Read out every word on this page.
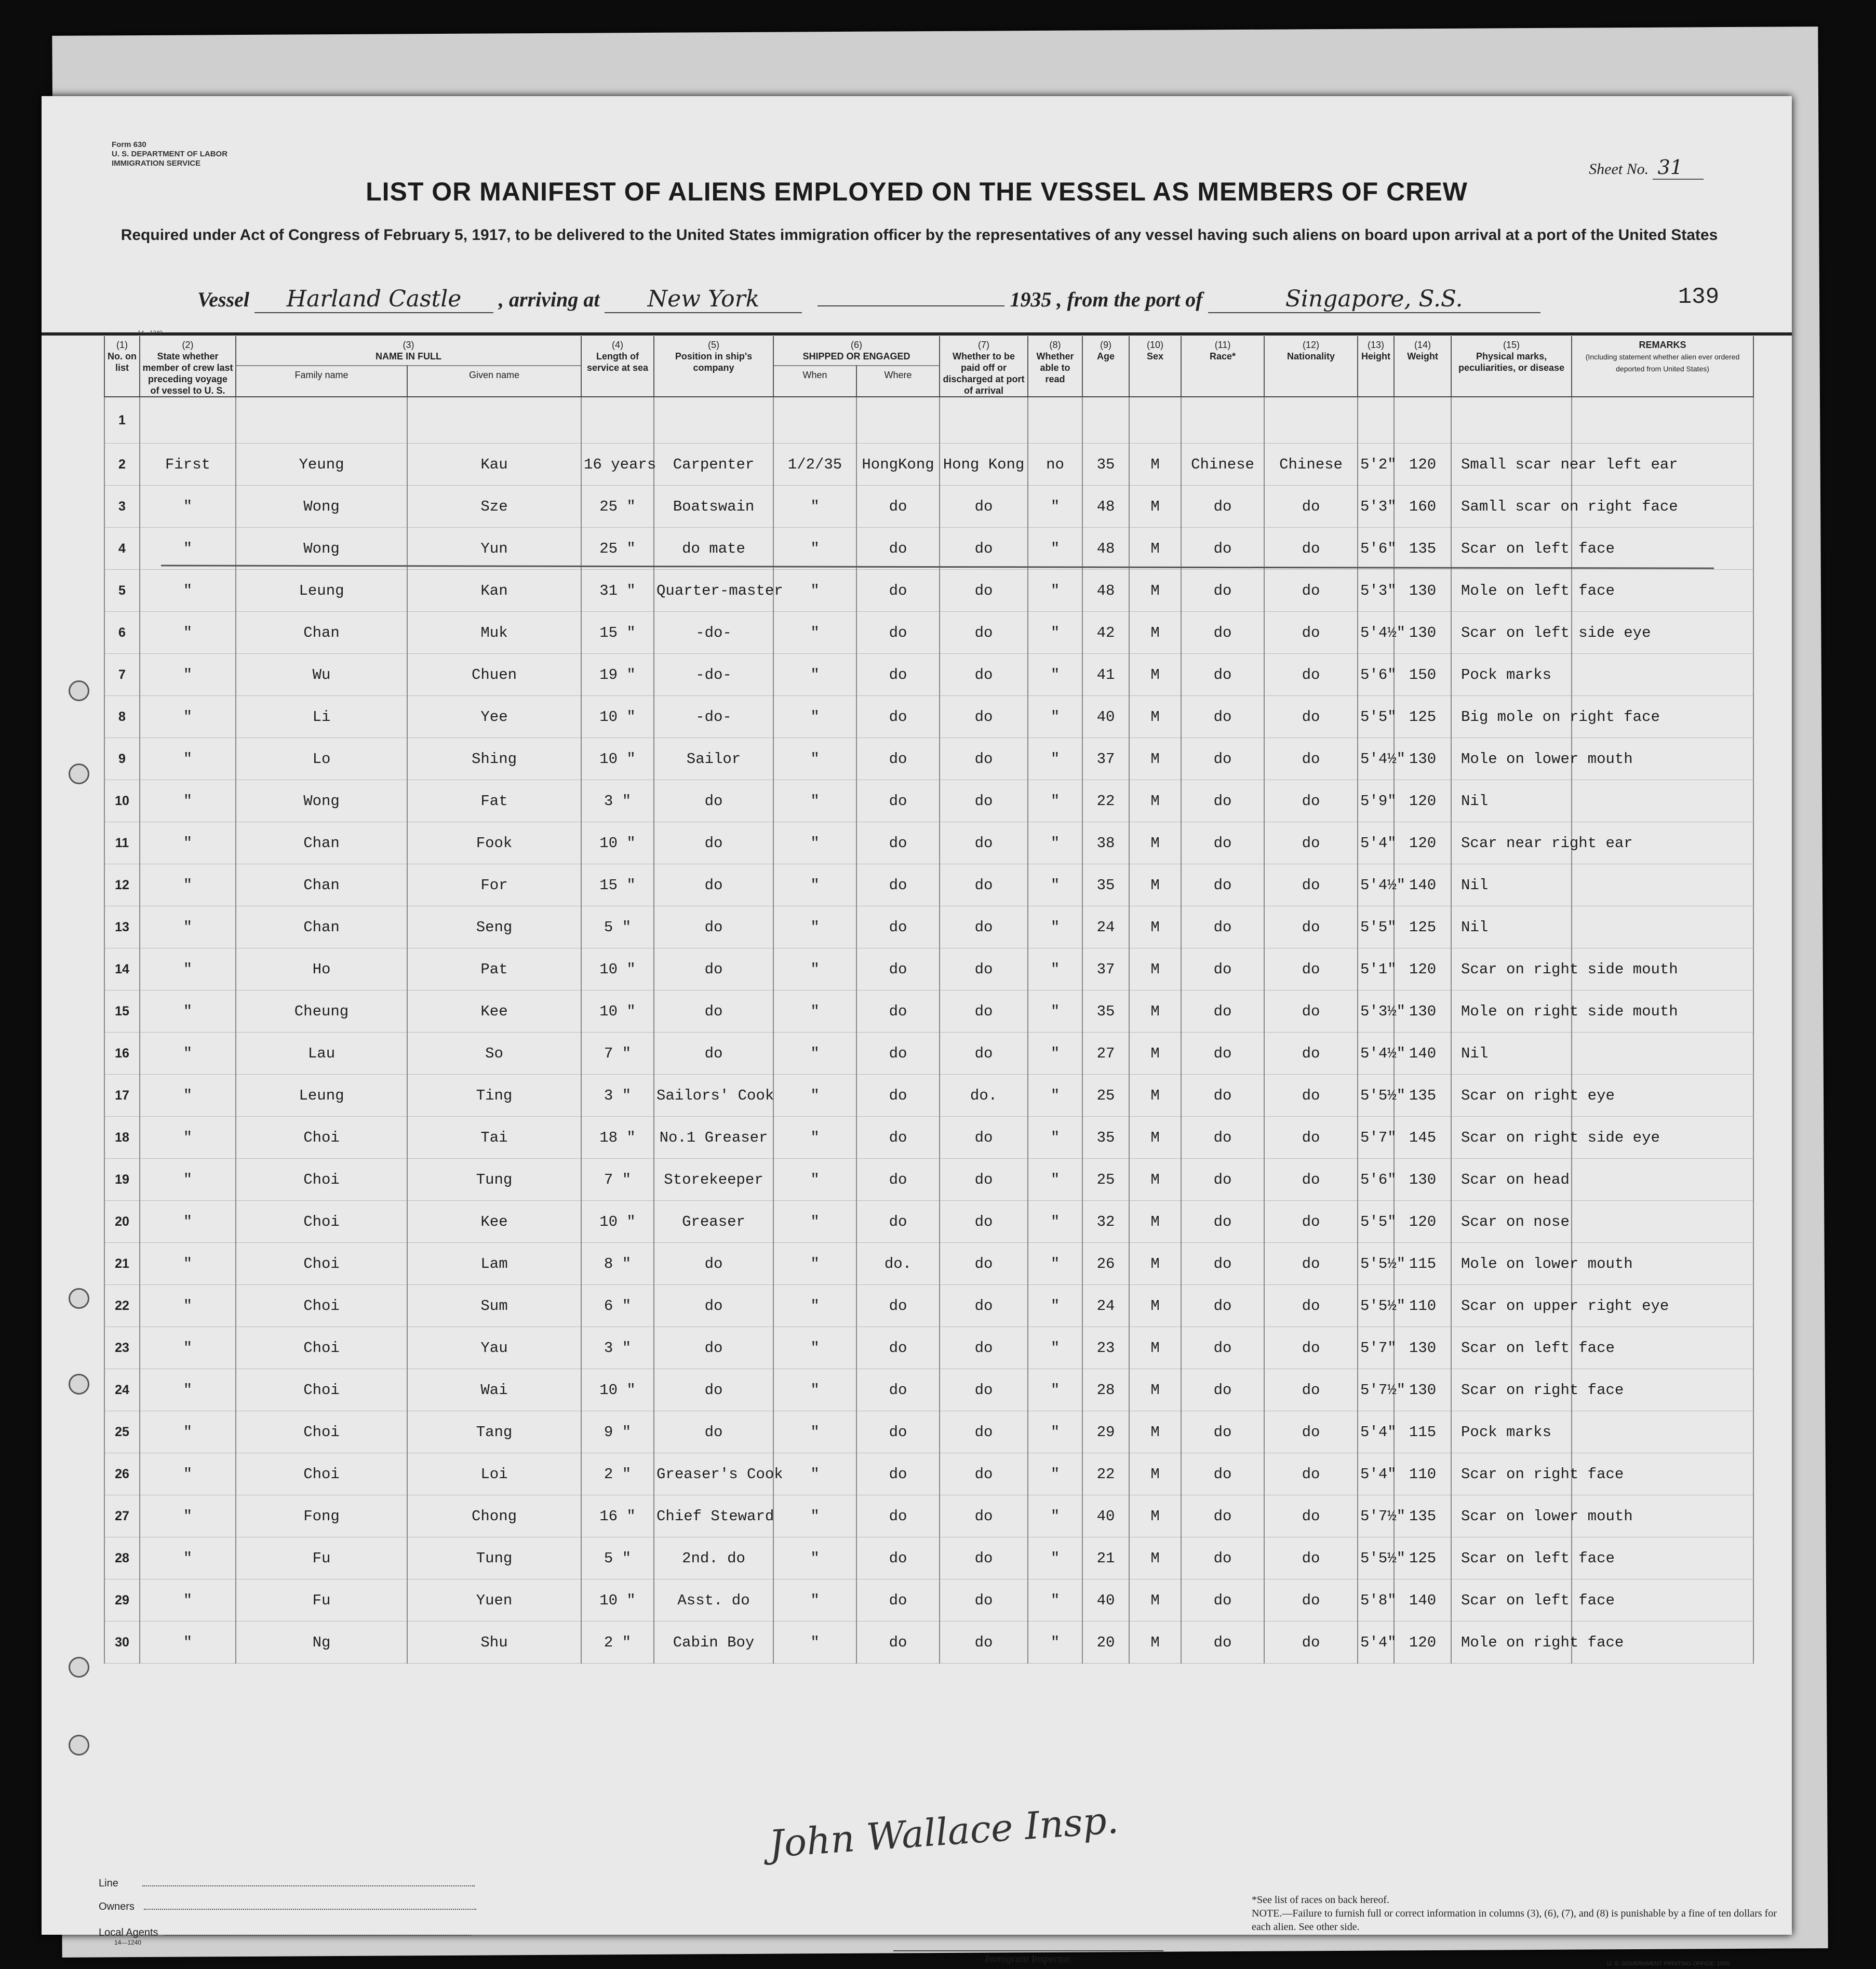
Form 630
U. S. DEPARTMENT OF LABOR
IMMIGRATION SERVICE	Sheet No. 31
LIST OR MANIFEST OF ALIENS EMPLOYED ON THE VESSEL AS MEMBERS OF CREW
Required under Act of Congress of February 5, 1917, to be delivered to the United States immigration officer by the representatives of any vessel having such aliens on board upon arrival at a port of the United States
Vessel Harland Castle , arriving at New York	1935 , from the port of	Singapore, S.S.	139
14—1240
(1)
No. on list	(2)
State whether member of crew last preceding voyage of vessel to U. S.	(3)
NAME IN FULL		(4)
Length of service at sea	(5)
Position in ship's company	(6)
SHIPPED OR ENGAGED		(7)
Whether to be paid off or discharged at port of arrival	(8)
Whether able to read	(9)
Age	(10)
Sex	(11)
Race*	(12)
Nationality	(13)
Height	(14)
Weight	(15)
Physical marks, peculiarities, or disease	REMARKS
(Including statement whether alien ever ordered deported from United States)
		Family name	Given name			When	Where										
1																	
2	First	Yeung	Kau	16 years	Carpenter	1/2/35	HongKong	Hong Kong	no	35	M	Chinese	Chinese	5'2"	120	Small scar near left ear	
3	"	Wong	Sze	25 "	Boatswain	"	do	do	"	48	M	do	do	5'3"	160	Samll scar on right face	
4	"	Wong	Yun	25 "	do mate	"	do	do	"	48	M	do	do	5'6"	135	Scar on left face	
5	"	Leung	Kan	31 "	Quarter-master	"	do	do	"	48	M	do	do	5'3"	130	Mole on left face	
6	"	Chan	Muk	15 "	-do-	"	do	do	"	42	M	do	do	5'4½"	130	Scar on left side eye	
7	"	Wu	Chuen	19 "	-do-	"	do	do	"	41	M	do	do	5'6"	150	Pock marks	
8	"	Li	Yee	10 "	-do-	"	do	do	"	40	M	do	do	5'5"	125	Big mole on right face	
9	"	Lo	Shing	10 "	Sailor	"	do	do	"	37	M	do	do	5'4½"	130	Mole on lower mouth	
10	"	Wong	Fat	3 "	do	"	do	do	"	22	M	do	do	5'9"	120	Nil	
11	"	Chan	Fook	10 "	do	"	do	do	"	38	M	do	do	5'4"	120	Scar near right ear	
12	"	Chan	For	15 "	do	"	do	do	"	35	M	do	do	5'4½"	140	Nil	
13	"	Chan	Seng	5 "	do	"	do	do	"	24	M	do	do	5'5"	125	Nil	
14	"	Ho	Pat	10 "	do	"	do	do	"	37	M	do	do	5'1"	120	Scar on right side mouth	
15	"	Cheung	Kee	10 "	do	"	do	do	"	35	M	do	do	5'3½"	130	Mole on right side mouth	
16	"	Lau	So	7 "	do	"	do	do	"	27	M	do	do	5'4½"	140	Nil	
17	"	Leung	Ting	3 "	Sailors' Cook	"	do	do.	"	25	M	do	do	5'5½"	135	Scar on right eye	
18	"	Choi	Tai	18 "	No.1 Greaser	"	do	do	"	35	M	do	do	5'7"	145	Scar on right side eye	
19	"	Choi	Tung	7 "	Storekeeper	"	do	do	"	25	M	do	do	5'6"	130	Scar on head	
20	"	Choi	Kee	10 "	Greaser	"	do	do	"	32	M	do	do	5'5"	120	Scar on nose	
21	"	Choi	Lam	8 "	do	"	do.	do	"	26	M	do	do	5'5½"	115	Mole on lower mouth	
22	"	Choi	Sum	6 "	do	"	do	do	"	24	M	do	do	5'5½"	110	Scar on upper right eye	
23	"	Choi	Yau	3 "	do	"	do	do	"	23	M	do	do	5'7"	130	Scar on left face	
24	"	Choi	Wai	10 "	do	"	do	do	"	28	M	do	do	5'7½"	130	Scar on right face	
25	"	Choi	Tang	9 "	do	"	do	do	"	29	M	do	do	5'4"	115	Pock marks	
26	"	Choi	Loi	2 "	Greaser's Cook	"	do	do	"	22	M	do	do	5'4"	110	Scar on right face	
27	"	Fong	Chong	16 "	Chief Steward	"	do	do	"	40	M	do	do	5'7½"	135	Scar on lower mouth	
28	"	Fu	Tung	5 "	2nd. do	"	do	do	"	21	M	do	do	5'5½"	125	Scar on left face	
29	"	Fu	Yuen	10 "	Asst. do	"	do	do	"	40	M	do	do	5'8"	140	Scar on left face	
30	"	Ng	Shu	2 "	Cabin Boy	"	do	do	"	20	M	do	do	5'4"	120	Mole on right face	
Line
Owners
Local Agents
14—1240
John Wallace Insp.
Immigrant Inspector.
*See list of races on back hereof.
NOTE.—Failure to furnish full or correct information in columns (3), (6), (7), and (8) is punishable by a fine of ten dollars for each alien. See other side.
U. S. GOVERNMENT PRINTING OFFICE: 1935
